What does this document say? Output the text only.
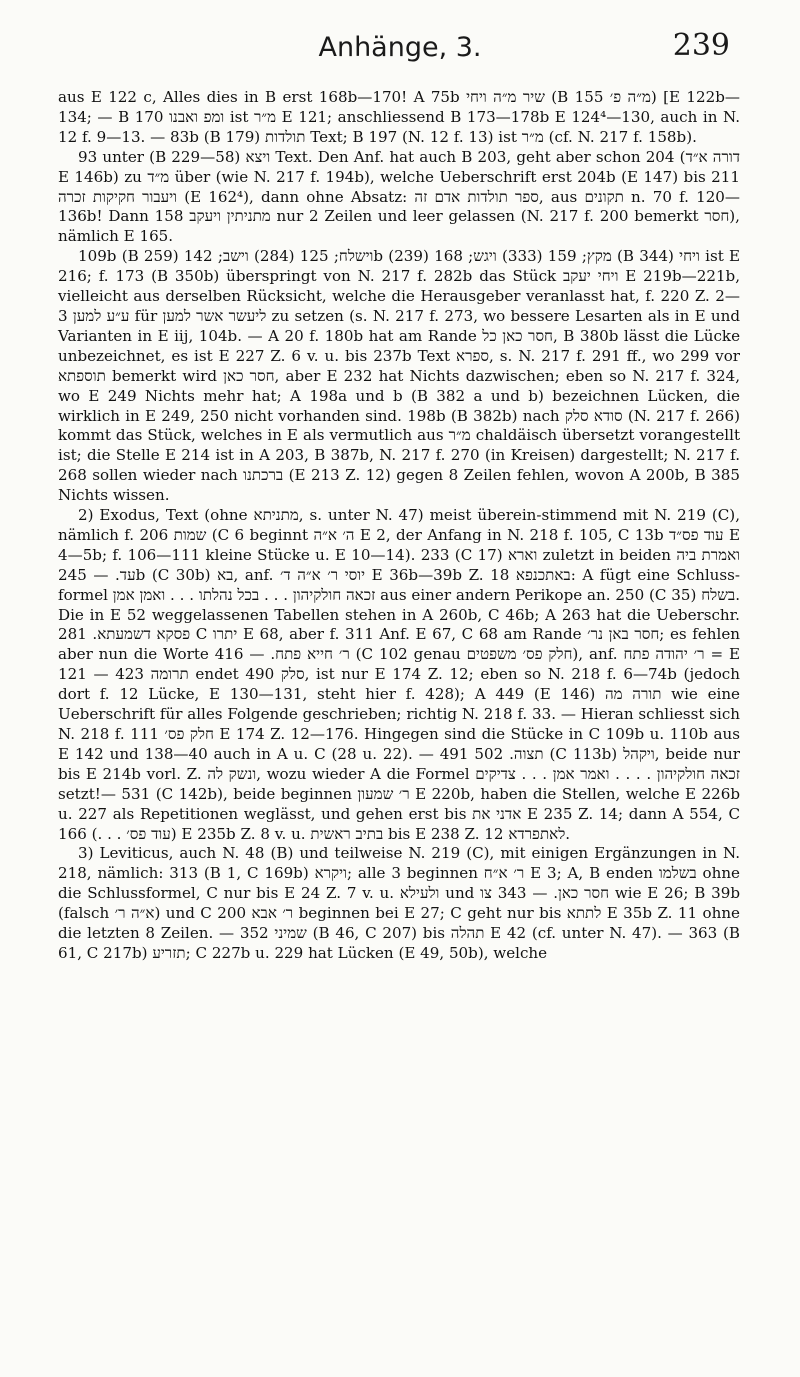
Anhänge, 3.	239

aus E 122 c, Alles dies in B erst 168b—170! A 75b שיר מ״ה ויחי (B 155 מ״ה פ׳) [E 122b—134; — B 170 ומפ ואבנו ist מ״ר E 121; anschliessend B 173—178b E 124⁴—130, auch in N. 12 f. 9—13. — 83b (B 179) תולדות Text; B 197 (N. 12 f. 13) ist מ״ר (cf. N. 217 f. 158b).

93 unter (B 229—58) ויצא Text. Den Anf. hat auch B 203, geht aber schon 204 (דורה א״ד E 146b) zu מ״ד über (wie N. 217 f. 194b), welche Ueberschrift erst 204b (E 147) bis 211 ויעבור חקיקות זכרה (E 162⁴), dann ohne Absatz: ספר תולדות אדם זה, aus תקונים n. 70 f. 120—136b! Dann 158 מתניתין ויעקב nur 2 Zeilen und leer gelassen (N. 217 f. 200 bemerkt חסר), nämlich E 165.

109b (B 259) וישלח; 125 (284) וישב; 142b (239) מקץ; 159 (333) ויגש; 168 (B 344) ויחי ist E 216; f. 173 (B 350b) überspringt von N. 217 f. 282b das Stück ויחי יעקב E 219b—221b, vielleicht aus derselben Rücksicht, welche die Herausgeber veranlasst hat, f. 220 Z. 2—3 ע״ע למען für ליעשר אשר למען zu setzen (s. N. 217 f. 273, wo bessere Lesarten als in E und Varianten in E iij, 104b. — A 20 f. 180b hat am Rande חסר כאן כל, B 380b lässt die Lücke unbezeichnet, es ist E 227 Z. 6 v. u. bis 237b Text ספרא, s. N. 217 f. 291 ff., wo 299 vor תוספתא bemerkt wird חסר כאן, aber E 232 hat Nichts dazwischen; eben so N. 217 f. 324, wo E 249 Nichts mehr hat; A 198a und b (B 382 a und b) bezeichnen Lücken, die wirklich in E 249, 250 nicht vorhanden sind. 198b (B 382b) nach סודא סלק (N. 217 f. 266) kommt das Stück, welches in E als vermutlich aus מ״ר chaldäisch übersetzt vorangestellt ist; die Stelle E 214 ist in A 203, B 387b, N. 217 f. 270 (in Kreisen) dargestellt; N. 217 f. 268 sollen wieder nach ברכתנו (E 213 Z. 12) gegen 8 Zeilen fehlen, wovon A 200b, B 385 Nichts wissen.

2) Exodus, Text (ohne מתניתא, s. unter N. 47) meist überein-stimmend mit N. 219 (C), nämlich f. 206 שמות (C 6 beginnt ה׳ א״ה E 2, der Anfang in N. 218 f. 105, C 13b עוד פס״ד E 4—5b; f. 106—111 kleine Stücke u. E 10—14). 233 (C 17) וארא zuletzt in beiden ואמרת ביה עד. — 245b (C 30b) בא, anf. יוסי ר׳ א״ה ד׳ E 36b—39b Z. 18 באתכנפא: A fügt eine Schluss-formel זכאה חולקיהון . . . בכל נהלתו . . . ואמן אמן aus einer andern Perikope an. 250 (C 35) בשלח. Die in E 52 weggelassenen Tabellen stehen in A 260b, C 46b; A 263 hat die Ueberschr. פסקא דשמעתא. 281 C יתרו E 68, aber f. 311 Anf. E 67, C 68 am Rande חסר באן נר׳; es fehlen aber nun die Worte ר׳ חייא פתח. — 416 (C 102 genau חלק פס׳ משפטים), anf. ר׳ יהודה פתח = E 121 — 423 תרומה endet 490 סלק, ist nur E 174 Z. 12; eben so N. 218 f. 6—74b (jedoch dort f. 12 Lücke, E 130—131, steht hier f. 428); A 449 (E 146) תורה מה wie eine Ueberschrift für alles Folgende geschrieben; richtig N. 218 f. 33. — Hieran schliesst sich N. 218 f. 111 חלק פס׳ E 174 Z. 12—176. Hingegen sind die Stücke in C 109b u. 110b aus E 142 und 138—40 auch in A u. C (28 u. 22). — 491 תצוה. 502 (C 113b) ויקהל, beide nur bis E 214b vorl. Z. ונשק לה, wozu wieder A die Formel זכאה חולקיהון . . . . ואמר אמן . . . צדיקים setzt!— 531 (C 142b), beide beginnen ר׳ שמעון E 220b, haben die Stellen, welche E 226b u. 227 als Repetitionen weglässt, und gehen erst bis אדני את E 235 Z. 14; dann A 554, C 166 (. . . עוד פס׳) E 235b Z. 8 v. u. בתיב ראשית bis E 238 Z. 12 לאתפרדא.

3) Leviticus, auch N. 48 (B) und teilweise N. 219 (C), mit einigen Ergänzungen in N. 218, nämlich: 313 (B 1, C 169b) ויקרא; alle 3 beginnen ר׳ א״ח E 3; A, B enden בשלמו ohne die Schlussformel, C nur bis E 24 Z. 7 v. u. ולעילא und חסר כאן. — 343 צו wie E 26; B 39b (falsch א״ה ר׳) und C 200 ר׳ אבא beginnen bei E 27; C geht nur bis לתתא E 35b Z. 11 ohne die letzten 8 Zeilen. — 352 שמיני (B 46, C 207) bis תהלה E 42 (cf. unter N. 47). — 363 (B 61, C 217b) תזריע; C 227b u. 229 hat Lücken (E 49, 50b), welche
